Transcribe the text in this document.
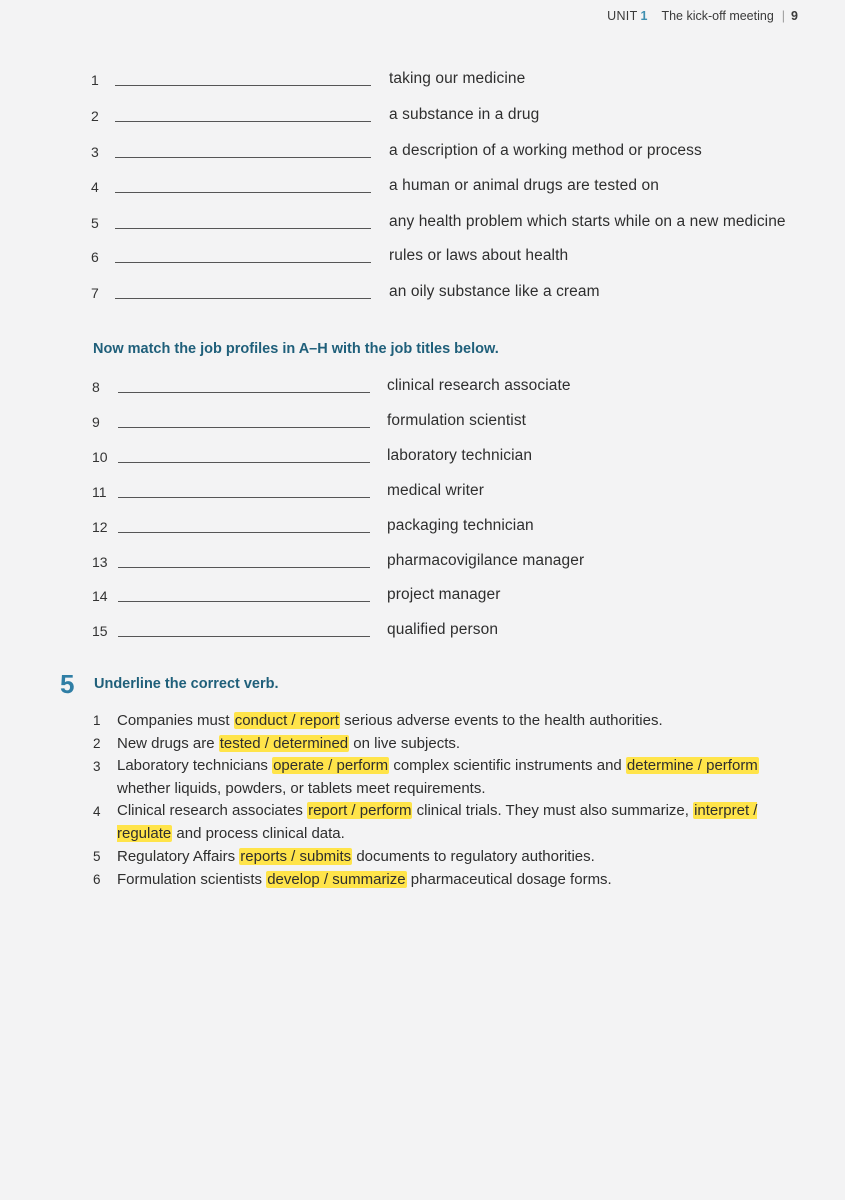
UNIT 1 The kick-off meeting | 9
1	taking our medicine
2	a substance in a drug
3	a description of a working method or process
4	a human or animal drugs are tested on
5	any health problem which starts while on a new medicine
6	rules or laws about health
7	an oily substance like a cream
Now match the job profiles in A–H with the job titles below.
8	clinical research associate
9	formulation scientist
10	laboratory technician
11	medical writer
12	packaging technician
13	pharmacovigilance manager
14	project manager
15	qualified person
5 Underline the correct verb.
1	Companies must conduct / report serious adverse events to the health authorities.
2	New drugs are tested / determined on live subjects.
3	Laboratory technicians operate / perform complex scientific instruments and determine / perform whether liquids, powders, or tablets meet requirements.
4	Clinical research associates report / perform clinical trials. They must also summarize, interpret / regulate and process clinical data.
5	Regulatory Affairs reports / submits documents to regulatory authorities.
6	Formulation scientists develop / summarize pharmaceutical dosage forms.
